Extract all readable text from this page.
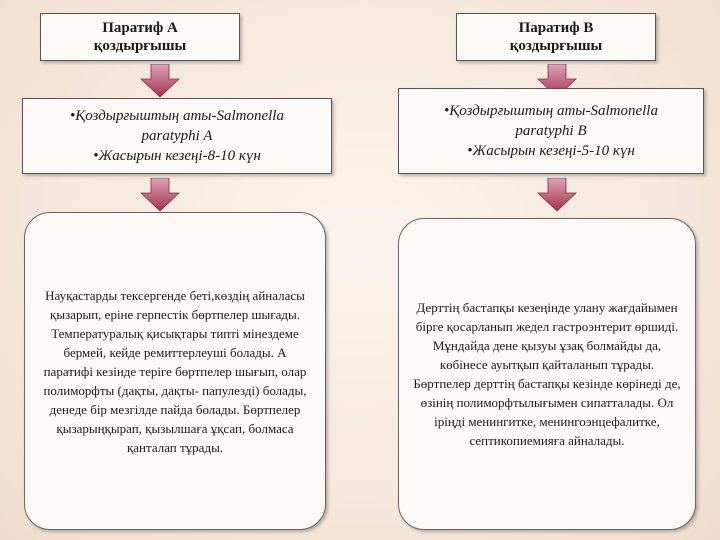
Паратиф А
қоздырғышы
•Қоздырғыштың аты-Salmonella
paratyphi A
•Жасырын кезеңі-8-10 күн

Науқастарды тексергенде беті,көздің айналасы қызарып, еріне герпестік бөртпелер шығады. Температуралық қисықтары типті мінездеме бермей, кейде ремиттерлеуші болады. А паратифі кезінде теріге бөртпелер шығып, олар полиморфты (дақты, дақты- папулезді) болады, денеде бір мезгілде пайда болады. Бөртпелер қызарыңқырап, қызылшаға ұқсап, болмаса қанталап тұрады.

Паратиф В
қоздырғышы
•Қоздырғыштың аты-Salmonella
paratyphi B
•Жасырын кезеңі-5-10 күн

Дерттің бастапқы кезеңінде улану жағдайымен бірге қосарланып жедел гастроэнтерит өршиді. Мұндайда дене қызуы ұзақ болмайды да, көбінесе ауытқып қайталанып тұрады. Бөртпелер дерттің бастапқы кезінде көрінеді де, өзінің полиморфтылығымен сипатталады. Ол іріңді менингитке, менингоэнцефалитке, септикопиемияға айналады.
